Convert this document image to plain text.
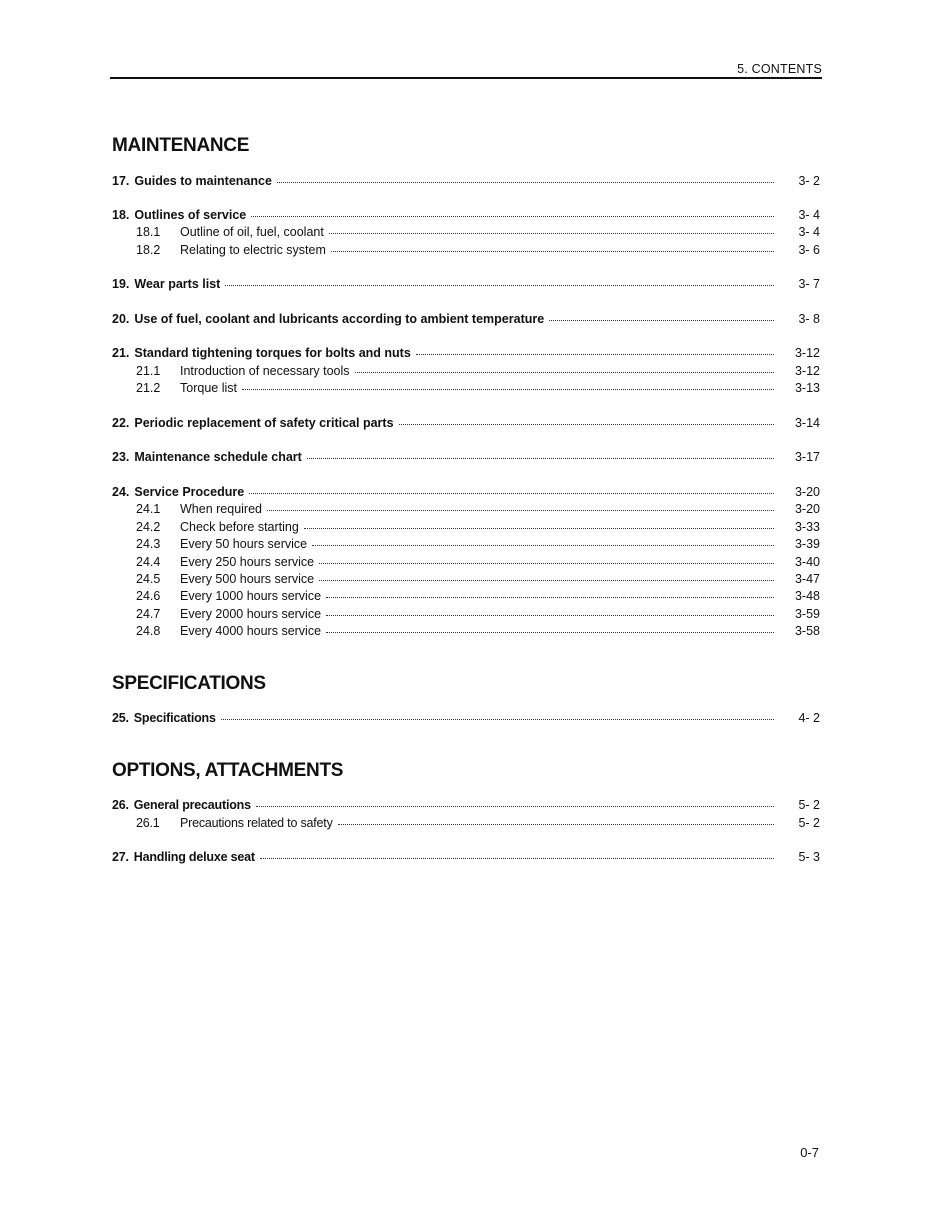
5. CONTENTS
MAINTENANCE
17. Guides to maintenance	3- 2
18. Outlines of service	3- 4
18.1	Outline of oil, fuel, coolant	3- 4
18.2	Relating to electric system	3- 6
19. Wear parts list	3- 7
20. Use of fuel, coolant and lubricants according to ambient temperature	3- 8
21. Standard tightening torques for bolts and nuts	3-12
21.1	Introduction of necessary tools	3-12
21.2	Torque list	3-13
22. Periodic replacement of safety critical parts	3-14
23. Maintenance schedule chart	3-17
24. Service Procedure	3-20
24.1	When required	3-20
24.2	Check before starting	3-33
24.3	Every 50 hours service	3-39
24.4	Every 250 hours service	3-40
24.5	Every 500 hours service	3-47
24.6	Every 1000 hours service	3-48
24.7	Every 2000 hours service	3-59
24.8	Every 4000 hours service	3-58
SPECIFICATIONS
25. Specifications	4- 2
OPTIONS, ATTACHMENTS
26. General precautions	5- 2
26.1	Precautions related to safety	5- 2
27. Handling deluxe seat	5- 3
0-7
